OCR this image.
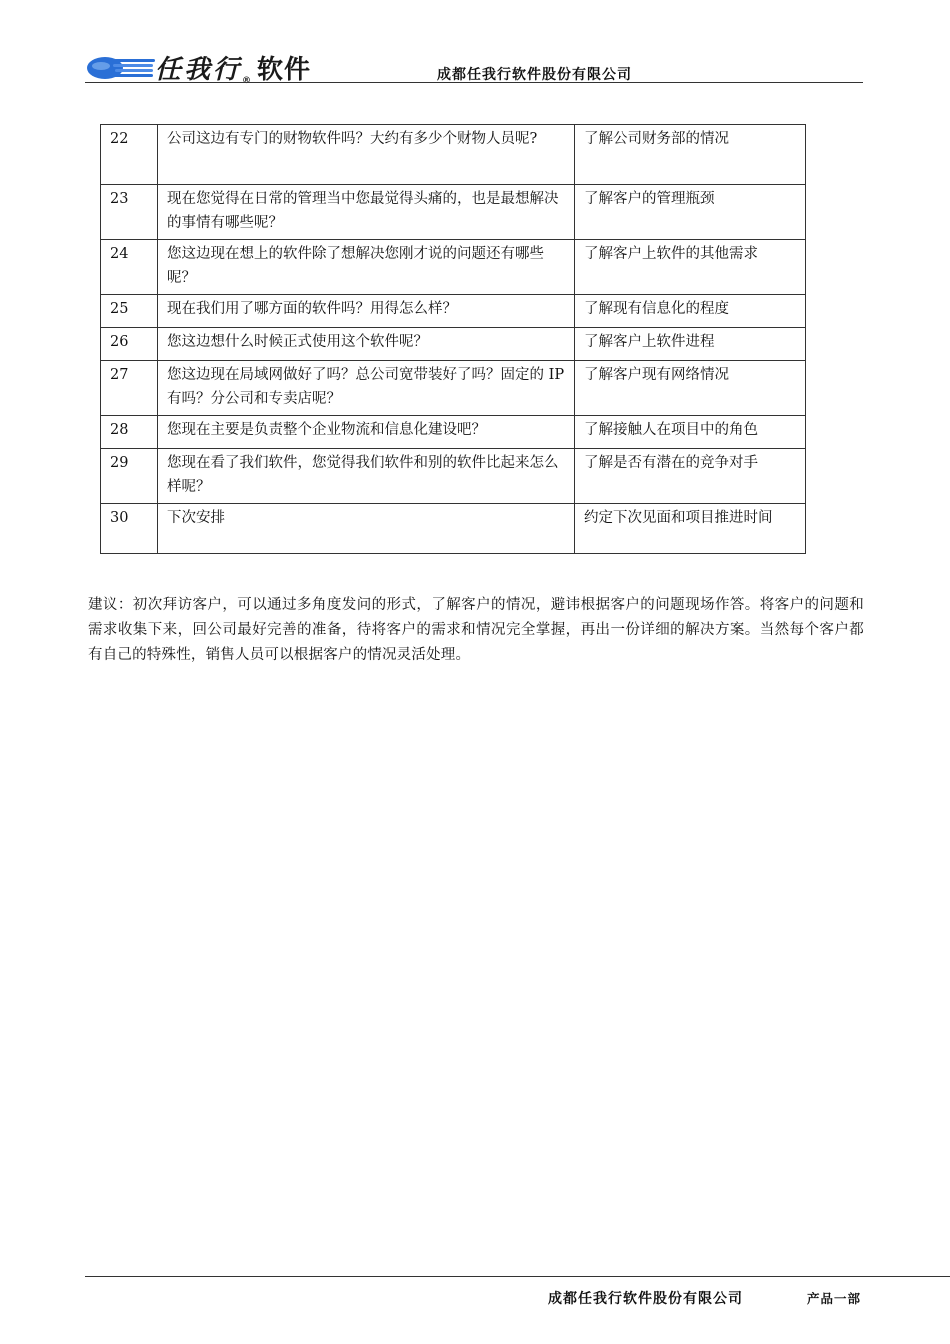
任我行® 软件	成都任我行软件股份有限公司
22	公司这边有专门的财物软件吗？大约有多少个财物人员呢?	了解公司财务部的情况
23	现在您觉得在日常的管理当中您最觉得头痛的，也是最想解决的事情有哪些呢？	了解客户的管理瓶颈
24	您这边现在想上的软件除了想解决您刚才说的问题还有哪些呢？	了解客户上软件的其他需求
25	现在我们用了哪方面的软件吗？用得怎么样？	了解现有信息化的程度
26	您这边想什么时候正式使用这个软件呢？	了解客户上软件进程
27	您这边现在局域网做好了吗？总公司宽带装好了吗？固定的 IP 有吗？分公司和专卖店呢？	了解客户现有网络情况
28	您现在主要是负责整个企业物流和信息化建设吧？	了解接触人在项目中的角色
29	您现在看了我们软件，您觉得我们软件和别的软件比起来怎么样呢？	了解是否有潜在的竞争对手
30	下次安排	约定下次见面和项目推进时间
建议：初次拜访客户，可以通过多角度发问的形式，了解客户的情况，避讳根据客户的问题现场作答。将客户的问题和需求收集下来，回公司最好完善的准备，待将客户的需求和情况完全掌握，再出一份详细的解决方案。当然每个客户都有自己的特殊性，销售人员可以根据客户的情况灵活处理。
成都任我行软件股份有限公司	产品一部
